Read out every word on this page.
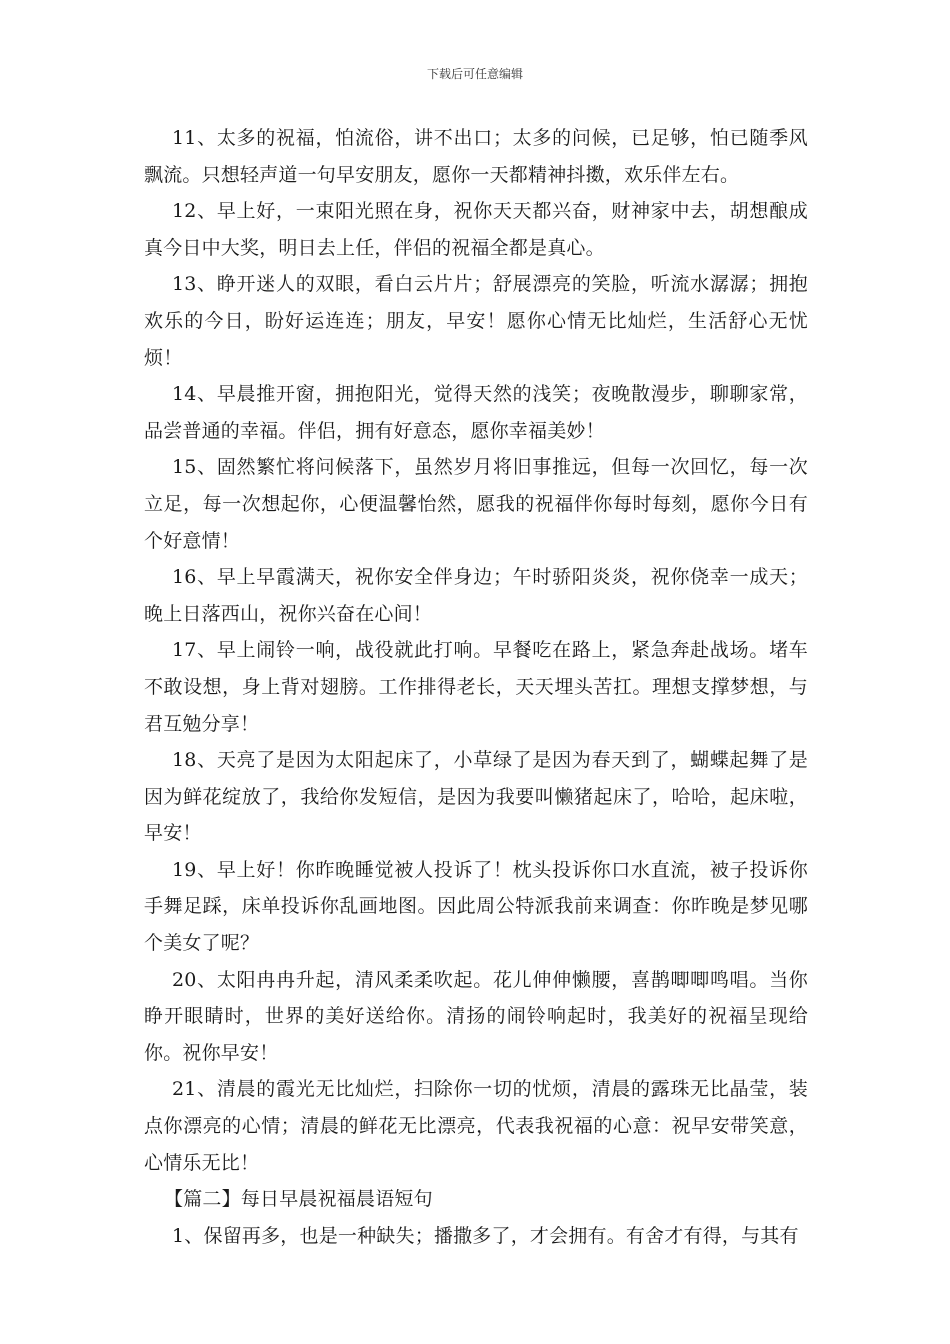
下载后可任意编辑

11、太多的祝福，怕流俗，讲不出口；太多的问候，已足够，怕已随季风飘流。只想轻声道一句早安朋友，愿你一天都精神抖擞，欢乐伴左右。

12、早上好，一束阳光照在身，祝你天天都兴奋，财神家中去，胡想酿成真今日中大奖，明日去上任，伴侣的祝福全都是真心。

13、睁开迷人的双眼，看白云片片；舒展漂亮的笑脸，听流水潺潺；拥抱欢乐的今日，盼好运连连；朋友，早安！愿你心情无比灿烂，生活舒心无忧烦！

14、早晨推开窗，拥抱阳光，觉得天然的浅笑；夜晚散漫步，聊聊家常，品尝普通的幸福。伴侣，拥有好意态，愿你幸福美妙！

15、固然繁忙将问候落下，虽然岁月将旧事推远，但每一次回忆，每一次立足，每一次想起你，心便温馨怡然，愿我的祝福伴你每时每刻，愿你今日有个好意情！

16、早上早霞满天，祝你安全伴身边；午时骄阳炎炎，祝你侥幸一成天；晚上日落西山，祝你兴奋在心间！

17、早上闹铃一响，战役就此打响。早餐吃在路上，紧急奔赴战场。堵车不敢设想，身上背对翅膀。工作排得老长，天天埋头苦扛。理想支撑梦想，与君互勉分享！

18、天亮了是因为太阳起床了，小草绿了是因为春天到了，蝴蝶起舞了是因为鲜花绽放了，我给你发短信，是因为我要叫懒猪起床了，哈哈，起床啦，早安！

19、早上好！你昨晚睡觉被人投诉了！枕头投诉你口水直流，被子投诉你手舞足踩，床单投诉你乱画地图。因此周公特派我前来调查：你昨晚是梦见哪个美女了呢？

20、太阳冉冉升起，清风柔柔吹起。花儿伸伸懒腰，喜鹊唧唧鸣唱。当你睁开眼睛时，世界的美好送给你。清扬的闹铃响起时，我美好的祝福呈现给你。祝你早安！

21、清晨的霞光无比灿烂，扫除你一切的忧烦，清晨的露珠无比晶莹，装点你漂亮的心情；清晨的鲜花无比漂亮，代表我祝福的心意：祝早安带笑意，心情乐无比！

【篇二】每日早晨祝福晨语短句

1、保留再多，也是一种缺失；播撒多了，才会拥有。有舍才有得，与其有
